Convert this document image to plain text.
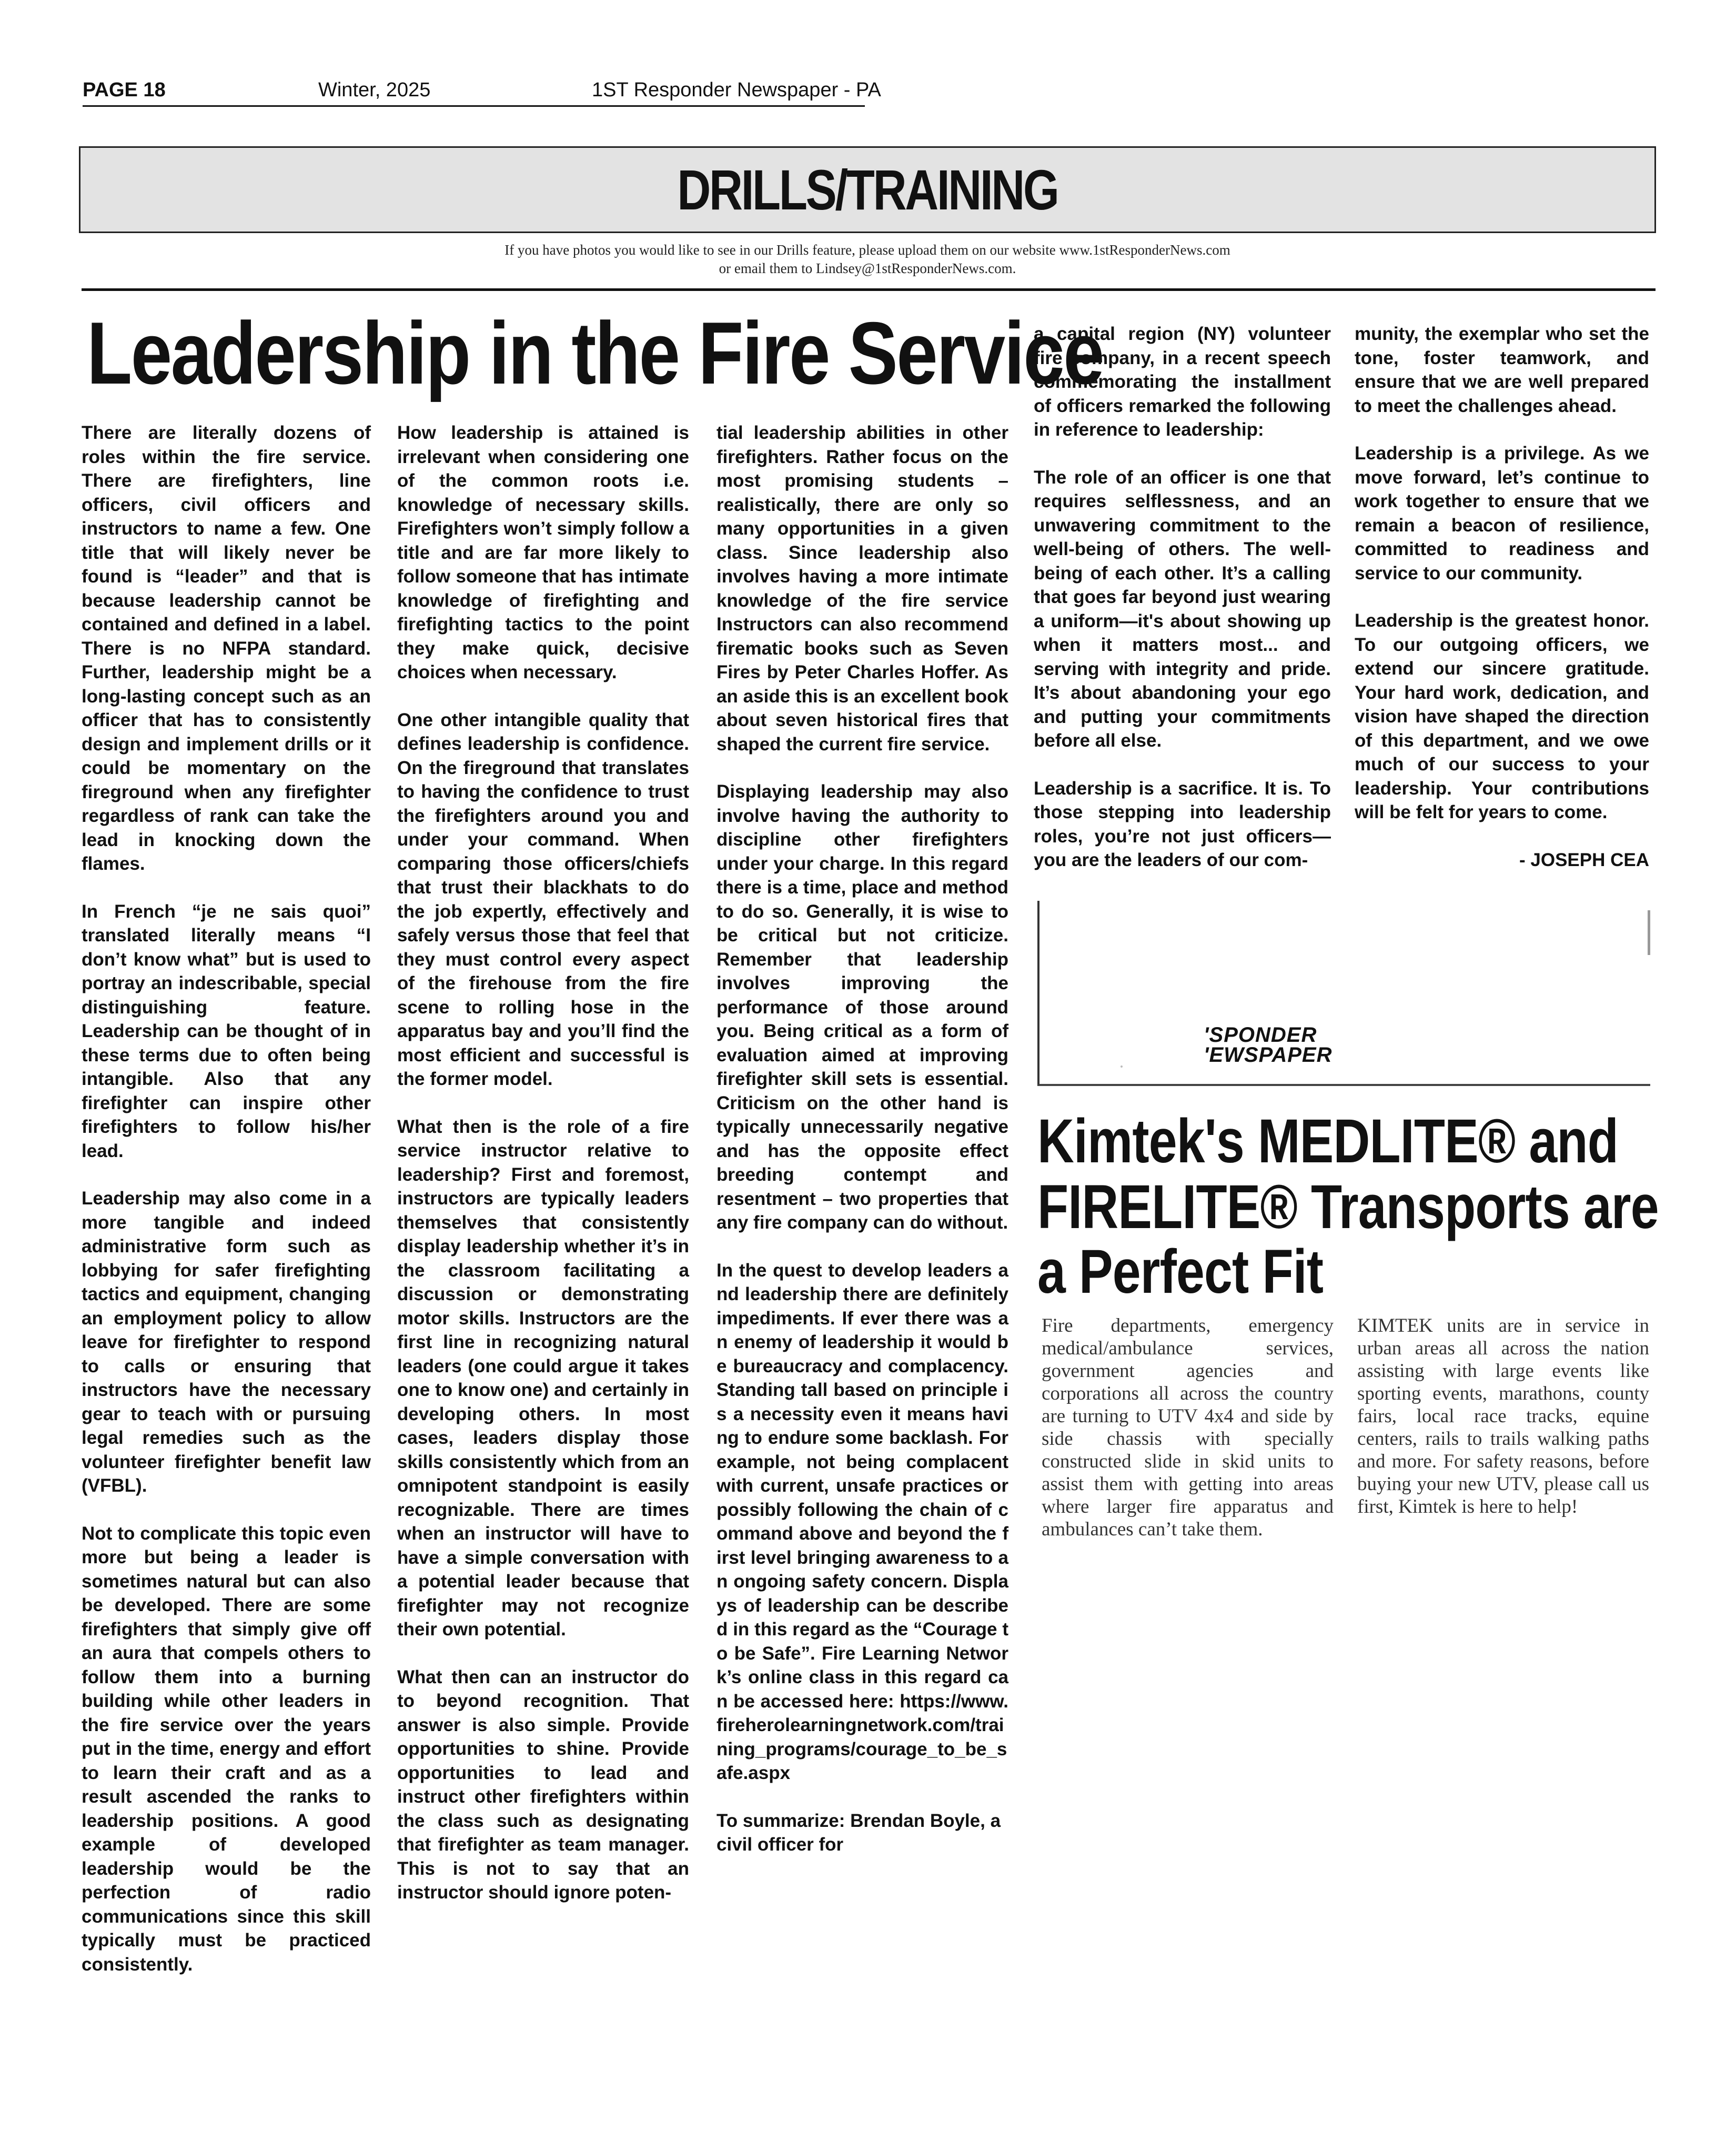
PAGE 18	Winter, 2025	1ST Responder Newspaper - PA
DRILLS/TRAINING
If you have photos you would like to see in our Drills feature, please upload them on our website www.1stResponderNews.com
or email them to Lindsey@1stResponderNews.com.
Leadership in the Fire Service

There are literally dozens of roles within the fire service. There are firefighters, line officers, civil officers and instructors to name a few. One title that will likely never be found is “leader” and that is because leadership cannot be contained and defined in a label. There is no NFPA standard. Further, leadership might be a long-lasting concept such as an officer that has to consistently design and implement drills or it could be momentary on the fireground when any firefighter regardless of rank can take the lead in knocking down the flames.

In French “je ne sais quoi” translated literally means “I don’t know what” but is used to portray an indescribable, special distinguishing feature. Leadership can be thought of in these terms due to often being intangible. Also that any firefighter can inspire other firefighters to follow his/her lead.

Leadership may also come in a more tangible and indeed administrative form such as lobbying for safer firefighting tactics and equipment, changing an employment policy to allow leave for firefighter to respond to calls or ensuring that instructors have the necessary gear to teach with or pursuing legal remedies such as the volunteer firefighter benefit law (VFBL).

Not to complicate this topic even more but being a leader is sometimes natural but can also be developed. There are some firefighters that simply give off an aura that compels others to follow them into a burning building while other leaders in the fire service over the years put in the time, energy and effort to learn their craft and as a result ascended the ranks to leadership positions. A good example of developed leadership would be the perfection of radio communications since this skill typically must be practiced consistently.

How leadership is attained is irrelevant when considering one of the common roots i.e. knowledge of necessary skills. Firefighters won’t simply follow a title and are far more likely to follow someone that has intimate knowledge of firefighting and firefighting tactics to the point they make quick, decisive choices when necessary.

One other intangible quality that defines leadership is confidence. On the fireground that translates to having the confidence to trust the firefighters around you and under your command. When comparing those officers/chiefs that trust their blackhats to do the job expertly, effectively and safely versus those that feel that they must control every aspect of the firehouse from the fire scene to rolling hose in the apparatus bay and you’ll find the most efficient and successful is the former model.

What then is the role of a fire service instructor relative to leadership? First and foremost, instructors are typically leaders themselves that consistently display leadership whether it’s in the classroom facilitating a discussion or demonstrating motor skills. Instructors are the first line in recognizing natural leaders (one could argue it takes one to know one) and certainly in developing others. In most cases, leaders display those skills consistently which from an omnipotent standpoint is easily recognizable. There are times when an instructor will have to have a simple conversation with a potential leader because that firefighter may not recognize their own potential.

What then can an instructor do to beyond recognition. That answer is also simple. Provide opportunities to shine. Provide opportunities to lead and instruct other firefighters within the class such as designating that firefighter as team manager. This is not to say that an instructor should ignore poten-

tial leadership abilities in other firefighters. Rather focus on the most promising students – realistically, there are only so many opportunities in a given class. Since leadership also involves having a more intimate knowledge of the fire service Instructors can also recommend firematic books such as Seven Fires by Peter Charles Hoffer. As an aside this is an excellent book about seven historical fires that shaped the current fire service.

Displaying leadership may also involve having the authority to discipline other firefighters under your charge. In this regard there is a time, place and method to do so. Generally, it is wise to be critical but not criticize. Remember that leadership involves improving the performance of those around you. Being critical as a form of evaluation aimed at improving firefighter skill sets is essential. Criticism on the other hand is typically unnecessarily negative and has the opposite effect breeding contempt and resentment – two properties that any fire company can do without.

In the quest to develop leaders and leadership there are definitely impediments. If ever there was an enemy of leadership it would be bureaucracy and complacency. Standing tall based on principle is a necessity even it means having to endure some backlash. For example, not being complacent with current, unsafe practices or possibly following the chain of command above and beyond the first level bringing awareness to an ongoing safety concern. Displays of leadership can be described in this regard as the “Courage to be Safe”. Fire Learning Network’s online class in this regard can be accessed here: https://www.fireherolearningnetwork.com/training_programs/courage_to_be_safe.aspx

To summarize: Brendan Boyle, a civil officer for

a capital region (NY) volunteer fire company, in a recent speech commemorating the installment of officers remarked the following in reference to leadership:

The role of an officer is one that requires selflessness, and an unwavering commitment to the well-being of others. The well-being of each other. It’s a calling that goes far beyond just wearing a uniform—it's about showing up when it matters most... and serving with integrity and pride. It’s about abandoning your ego and putting your commitments before all else.

Leadership is a sacrifice. It is. To those stepping into leadership roles, you’re not just officers—you are the leaders of our com-

munity, the exemplar who set the tone, foster teamwork, and ensure that we are well prepared to meet the challenges ahead.

Leadership is a privilege. As we move forward, let’s continue to work together to ensure that we remain a beacon of resilience, committed to readiness and service to our community.

Leadership is the greatest honor. To our outgoing officers, we extend our sincere gratitude. Your hard work, dedication, and vision have shaped the direction of this department, and we owe much of our success to your leadership. Your contributions will be felt for years to come.

- JOSEPH CEA

'SPONDER
'EWSPAPER
Kimtek's MEDLITE® and
FIRELITE® Transports are
a Perfect Fit
Fire departments, emergency medical/ambulance services, government agencies and corporations all across the country are turning to UTV 4x4 and side by side chassis with specially constructed slide in skid units to assist them with getting into areas where larger fire apparatus and ambulances can’t take them.
KIMTEK units are in service in urban areas all across the nation assisting with large events like sporting events, marathons, county fairs, local race tracks, equine centers, rails to trails walking paths and more. For safety reasons, before buying your new UTV, please call us first, Kimtek is here to help!
